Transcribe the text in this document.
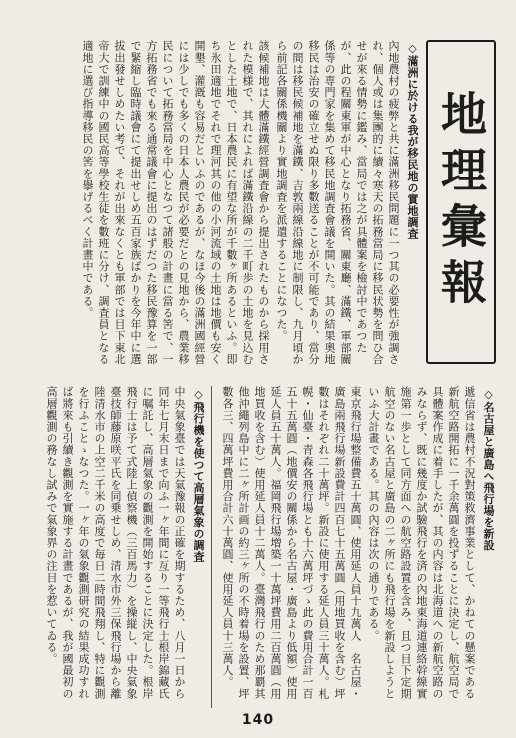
地理彙報
◇滿洲に於ける我が移民地の實地調査
內地農村の疲弊と共に滿洲移民問題に一つ其の必要性が強調され、個人或は集團的に續々寒天の拓務當局に移民状勢を問ひ合せが來る情勢に鑑み、當局では之が具體案を檢討中であつたが、此の程關東軍が中心となり拓務省、關東廳、滿鐵、軍部關係等の専門家を集めて移民地調査會議を開いた。其の結果奧地移民は治安の確立せぬ限り多數送ることが不可能であり、當分の間は移民候補地を滿鐵、吉敦兩線沿線地に制限し、九月頃から前記各關係機關より實地調査を派遣することになつた。
該候補地は大體滿鐵經營調査會から提出されたものから採用された模様で、其れによれば滿鐵沿線の二千町歩の土地を見込むとした土地で、日本農民に有望な所が千數ヶ所あるといふ。即ち氷田適地でそれで理河其の他の小河流域の土地は地價も安く開墾、灌漑も容易だといふのであるが、なほ今後の滿洲國經營には少しでも多くの日本人農民が必要だとの見地から、農業移民について拓務當局を中心となつて諸般の計畫に當る筈で、一方拓務省でも來る通常議會に提出のはずだつた移民豫算を一部で緊縮し臨時議會にて提出せしめ五百家族ばかりを今年中に選拔出發せしめたい考で、それが出來なくとも軍部では目下東北帝大で訓練中の國民高等學校生徒を數班に分け、調査員となる適地に選び指導移民の筈を擧げるべく計畫中である。
◇名古屋と廣島へ飛行場を新設
遞信省は農村不況對策救濟事業として、かねての懸案である新航空路開拓に一千余萬圓を投ずることに決定し、航空局で具體案作成に着手したが、其の内容は北海道への新航空路のみならず、既に幾度か試驗飛行を済の內地東海道連絡幹線實施第一歩として同方面への航空路設置を含み、且つ目下定期航空のない名古屋と廣島の二ヶ所にも飛行場を新設しようといふ大計畫である。其の內容は次の通りである。
東京飛行場整備費五十萬圓、使用延人員十九萬人　名古屋・廣島兩飛行場新設費計四百七十五萬圓（用地買收を含む）坪數はそれぞれ二十萬坪。新設に使用する延人員三十萬人。札幌・仙臺・青森各飛行場とも十六萬坪づゝ此の費用合計一百五十五萬圓（地價安の關係から名古屋・廣島より低額）使用延人員五十萬人。福岡飛行場増築一十萬坪費用二百萬圓（用地買收を含む）使用延人員十二萬人。臺灣飛行のため那覇其他沖繩列島中に二ヶ所計画の約三ヶ所の不時着場を設置、坪數各三、四萬坪費用合計六十萬圓、使用延人員十三萬人。
◇飛行機を使つて高層氣象の調査
中央氣象臺では天氣豫報の正確を期するため、八月一日から同年七月末日まで向ふ一ヶ年間に亙り一等飛行士根岸錦藏氏に嘱託し、高層氣象の觀測を開始することに決定した。根岸飛行士は予て式陸上偵察機（三百馬力）を操縦し、中央氣象臺技師藤原咲平氏を同乗せしめ、清水市外三保飛行場から離陸清水市の上空二千米の高度で毎日二時間飛翔し、特に觀測を行ふことゝなつた。一ヶ年の氣象觀測研究の結果成功すれば將來も引續き觀測を實施する計畫であるが、我が國最初の高層觀測の務なし試みで氣象界の注目を惹いてゐる。
140
